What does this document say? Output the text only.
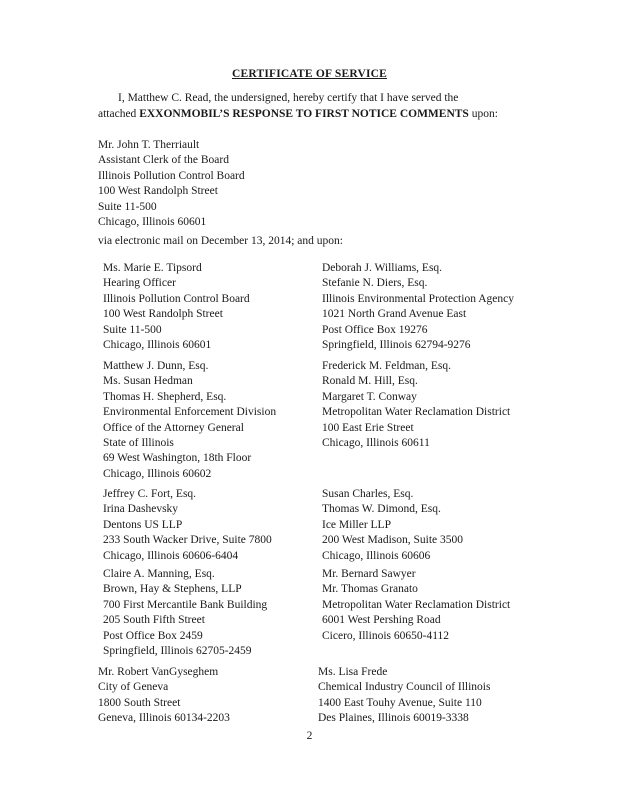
CERTIFICATE OF SERVICE
I, Matthew C. Read, the undersigned, hereby certify that I have served the
attached EXXONMOBIL’S RESPONSE TO FIRST NOTICE COMMENTS upon:
Mr. John T. Therriault
Assistant Clerk of the Board
Illinois Pollution Control Board
100 West Randolph Street
Suite 11-500
Chicago, Illinois 60601
via electronic mail on December 13, 2014; and upon:
Ms. Marie E. Tipsord
Hearing Officer
Illinois Pollution Control Board
100 West Randolph Street
Suite 11-500
Chicago, Illinois 60601
Deborah J. Williams, Esq.
Stefanie N. Diers, Esq.
Illinois Environmental Protection Agency
1021 North Grand Avenue East
Post Office Box 19276
Springfield, Illinois 62794-9276
Matthew J. Dunn, Esq.
Ms. Susan Hedman
Thomas H. Shepherd, Esq.
Environmental Enforcement Division
Office of the Attorney General
State of Illinois
69 West Washington, 18th Floor
Chicago, Illinois 60602
Frederick M. Feldman, Esq.
Ronald M. Hill, Esq.
Margaret T. Conway
Metropolitan Water Reclamation District
100 East Erie Street
Chicago, Illinois 60611
Jeffrey C. Fort, Esq.
Irina Dashevsky
Dentons US LLP
233 South Wacker Drive, Suite 7800
Chicago, Illinois 60606-6404
Susan Charles, Esq.
Thomas W. Dimond, Esq.
Ice Miller LLP
200 West Madison, Suite 3500
Chicago, Illinois 60606
Claire A. Manning, Esq.
Brown, Hay & Stephens, LLP
700 First Mercantile Bank Building
205 South Fifth Street
Post Office Box 2459
Springfield, Illinois 62705-2459
Mr. Bernard Sawyer
Mr. Thomas Granato
Metropolitan Water Reclamation District
6001 West Pershing Road
Cicero, Illinois 60650-4112
Mr. Robert VanGyseghem
City of Geneva
1800 South Street
Geneva, Illinois 60134-2203
Ms. Lisa Frede
Chemical Industry Council of Illinois
1400 East Touhy Avenue, Suite 110
Des Plaines, Illinois 60019-3338
2
